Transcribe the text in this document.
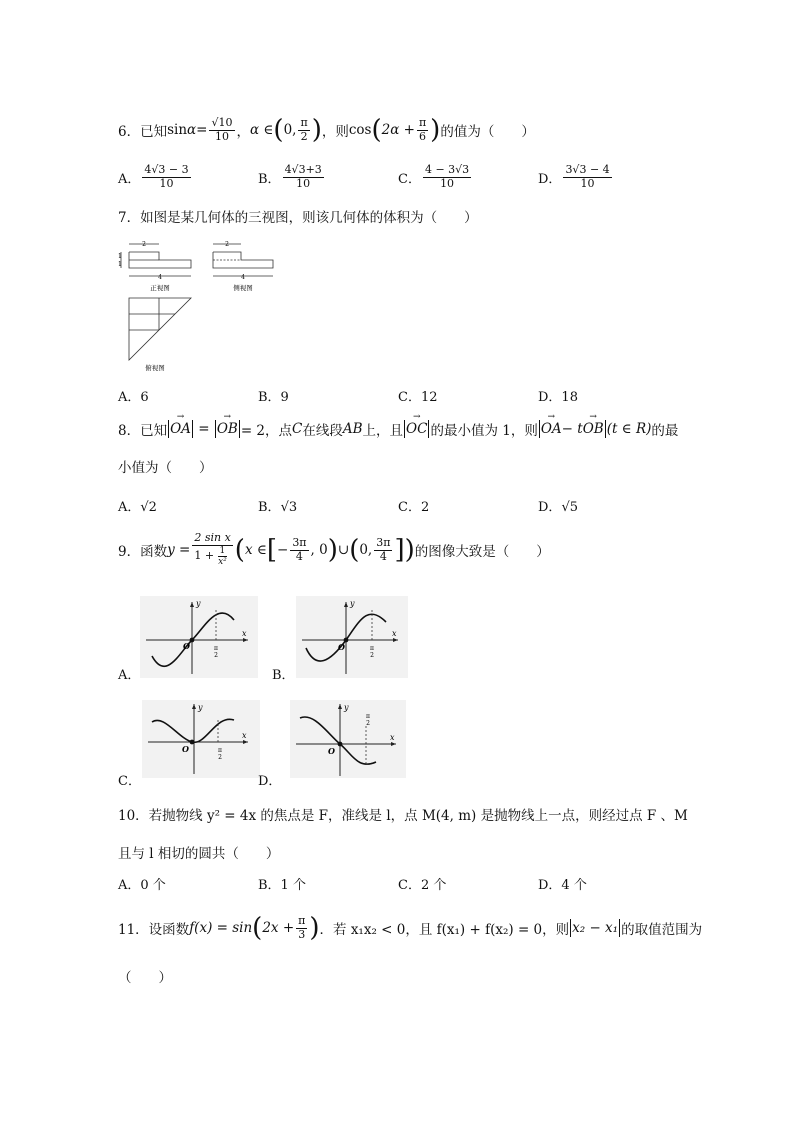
6．已知 $\sin \alpha = \frac{√10}{10}$ ， α ∈ ( 0, $\frac{\pi}{2}$ ) ，则 cos ( $2\alpha + \frac{\pi}{6}$ ) 的值为（　　）
A． $\frac{4√3 - 3}{10}$	B． $\frac{4√3+3}{10}$	C． $\frac{4 - 3√3}{10}$	D． $\frac{3√3 - 4}{10}$
7．如图是某几何体的三视图，则该几何体的体积为（　　）
2
4
1
1
正视图
2
4
侧视图
俯视图
A．6	B．9	C．12	D．18
8．已知 → OA = → OB = 2，点 C 在线段 AB 上，且 → OC 的最小值为 1，则 → OA − t → OB (t ∈ R) 的最
小值为（　　）
A．√2	B．√3	C．2	D．√5
9．函数 $y = \frac{\text{2 sin x}}{1 + \frac{1}{\text{x²}}}$ ( x ∈ [ − $\frac{3\pi}{4}$ , 0 ) ∪ ( 0, $\frac{3\pi}{4}$ ] ) 的图像大致是（　　）
y
x
O	π
2
A．
y
x
O	π
2
B．
y
x
O	π
2
C．
y
x
O
π
2
D．
10．若抛物线 y² = 4x 的焦点是 F，准线是 l，点 M(4, m) 是抛物线上一点，则经过点 F 、M
且与 l 相切的圆共（　　）
A．0 个	B．1 个	C．2 个	D．4 个
11．设函数 f(x) = sin ( $2x + \frac{\pi}{3}$ ) ．若 x₁x₂ < 0，且 f(x₁) + f(x₂) = 0，则 x₂ − x₁ 的取值范围为
（　　）
